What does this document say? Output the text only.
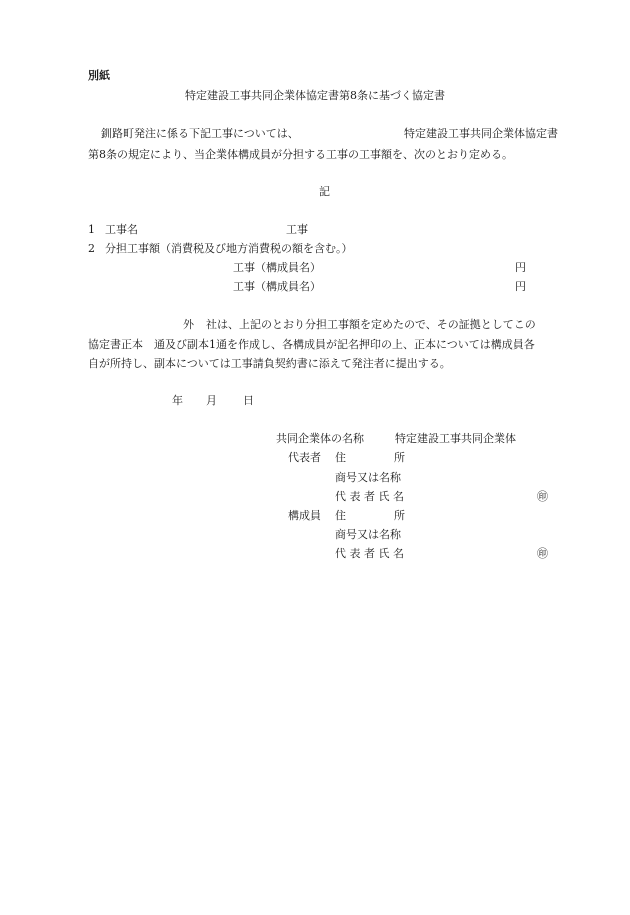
別紙
特定建設工事共同企業体協定書第8条に基づく協定書
釧路町発注に係る下記工事については、	特定建設工事共同企業体協定書
第8条の規定により、当企業体構成員が分担する工事の工事額を、次のとおり定める。
記
1 工事名	工事
2 分担工事額（消費税及び地方消費税の額を含む。）
工事（構成員名）	円
工事（構成員名）	円
外 社は、上記のとおり分担工事額を定めたので、その証拠としてこの
協定書正本　通及び副本1通を作成し、各構成員が記名押印の上、正本については構成員各
自が所持し、副本については工事請負契約書に添えて発注者に提出する。
年 月 日
共同企業体の名称	特定建設工事共同企業体
代表者 住	所
商号又は名称
代 表 者 氏 名	㊞
構成員 住	所
商号又は名称
代 表 者 氏 名	㊞
